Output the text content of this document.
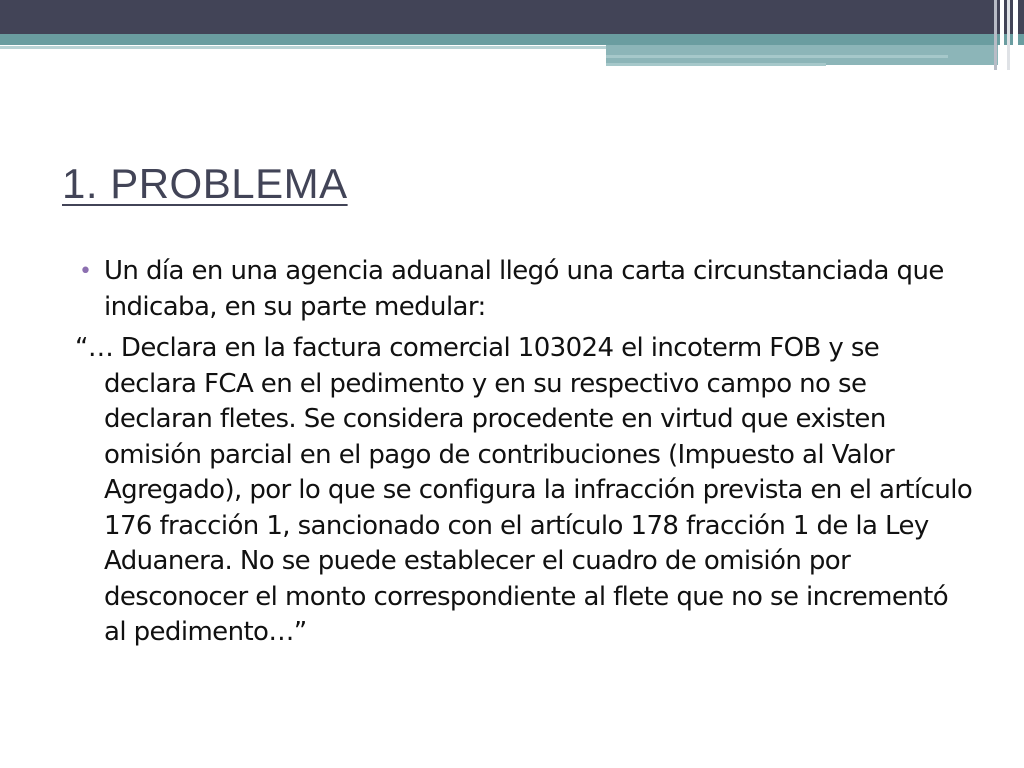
1. PROBLEMA
• Un día en una agencia aduanal llegó una carta circunstanciada que indicaba, en su parte medular:
“… Declara en la factura comercial 103024 el incoterm FOB y se declara FCA en el pedimento y en su respectivo campo no se declaran fletes. Se considera procedente en virtud que existen omisión parcial en el pago de contribuciones (Impuesto al Valor Agregado), por lo que se configura la infracción prevista en el artículo 176 fracción 1, sancionado con el artículo 178 fracción 1 de la Ley Aduanera. No se puede establecer el cuadro de omisión por desconocer el monto correspondiente al flete que no se incrementó al pedimento…”
